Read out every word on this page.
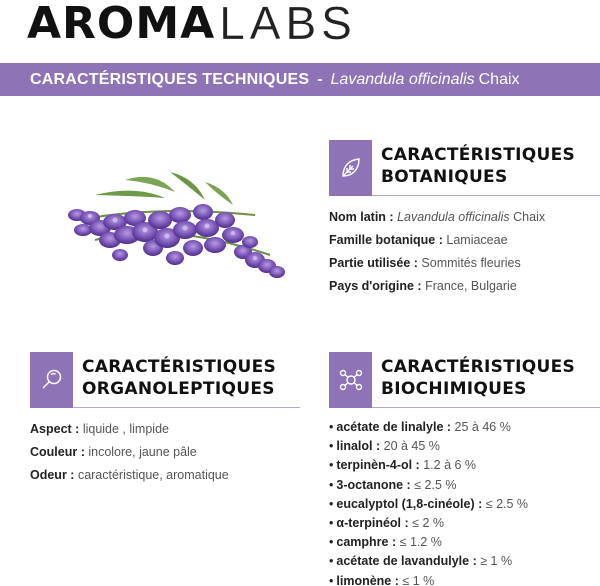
AROMA LABS
CARACTÉRISTIQUES TECHNIQUES - Lavandula officinalis Chaix
CARACTÉRISTIQUES
BOTANIQUES
Nom latin : Lavandula officinalis Chaix
Famille botanique : Lamiaceae
Partie utilisée : Sommités fleuries
Pays d'origine : France, Bulgarie
CARACTÉRISTIQUES
ORGANOLEPTIQUES
Aspect : liquide , limpide
Couleur : incolore, jaune pâle
Odeur : caractéristique, aromatique
CARACTÉRISTIQUES
BIOCHIMIQUES
• acétate de linalyle : 25 à 46 %
• linalol : 20 à 45 %
• terpinèn-4-ol : 1.2 à 6 %
• 3-octanone : ≤ 2.5 %
• eucalyptol (1,8-cinéole) : ≤ 2.5 %
• α-terpinéol : ≤ 2 %
• camphre : ≤ 1.2 %
• acétate de lavandulyle : ≥ 1 %
• limonène : ≤ 1 %
